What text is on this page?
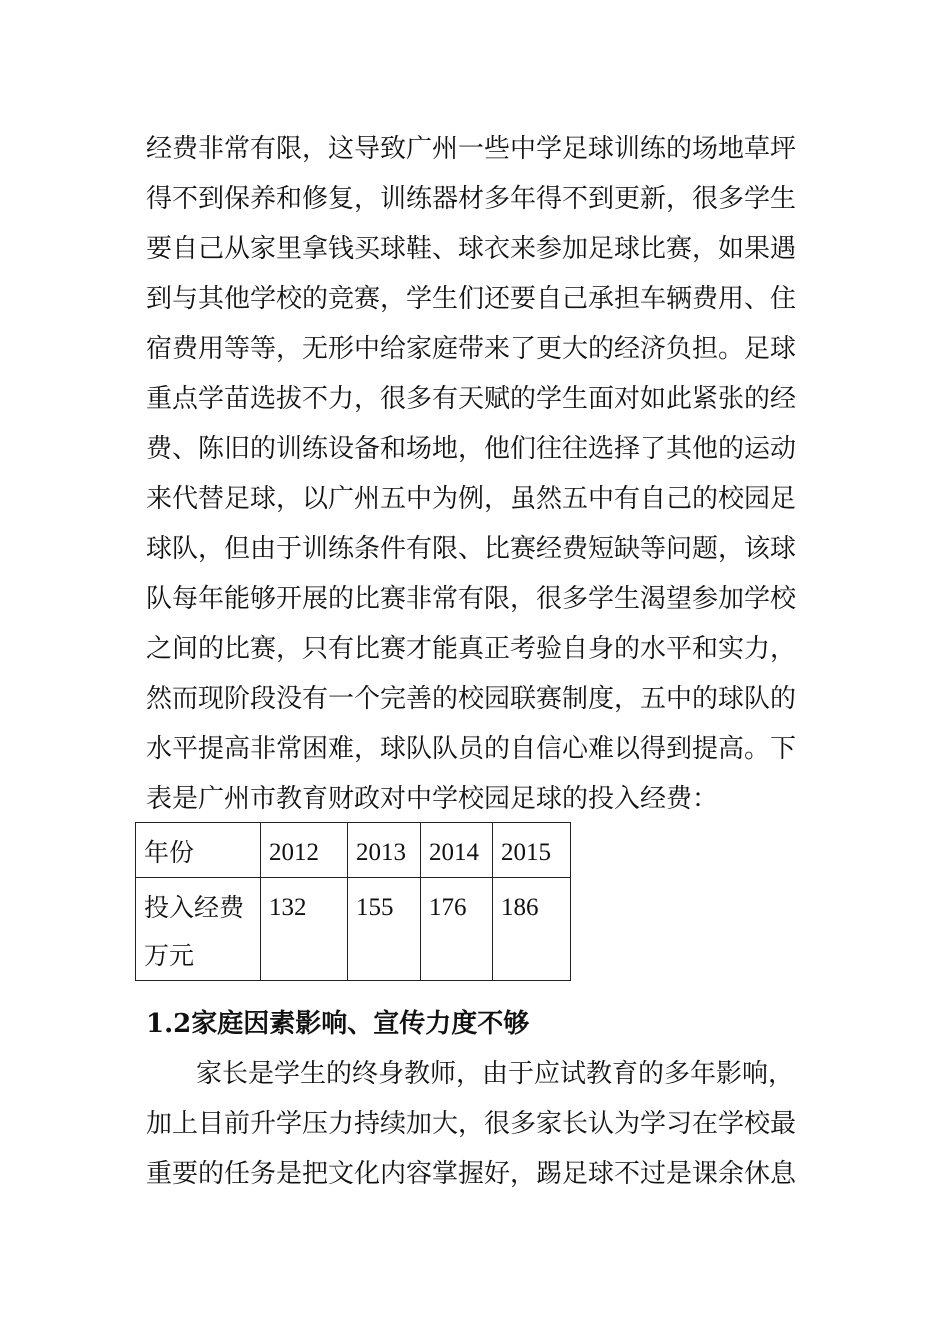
经费非常有限，这导致广州一些中学足球训练的场地草坪
得不到保养和修复，训练器材多年得不到更新，很多学生
要自己从家里拿钱买球鞋、球衣来参加足球比赛，如果遇
到与其他学校的竞赛，学生们还要自己承担车辆费用、住
宿费用等等，无形中给家庭带来了更大的经济负担。足球
重点学苗选拔不力，很多有天赋的学生面对如此紧张的经
费、陈旧的训练设备和场地，他们往往选择了其他的运动
来代替足球，以广州五中为例，虽然五中有自己的校园足
球队，但由于训练条件有限、比赛经费短缺等问题，该球
队每年能够开展的比赛非常有限，很多学生渴望参加学校
之间的比赛，只有比赛才能真正考验自身的水平和实力，
然而现阶段没有一个完善的校园联赛制度，五中的球队的
水平提高非常困难，球队队员的自信心难以得到提高。下
表是广州市教育财政对中学校园足球的投入经费：
年份	2012	2013	2014	2015

投入经费
万元	132	155	176	186
1.2家庭因素影响、宣传力度不够
家长是学生的终身教师，由于应试教育的多年影响，
加上目前升学压力持续加大，很多家长认为学习在学校最
重要的任务是把文化内容掌握好，踢足球不过是课余休息
